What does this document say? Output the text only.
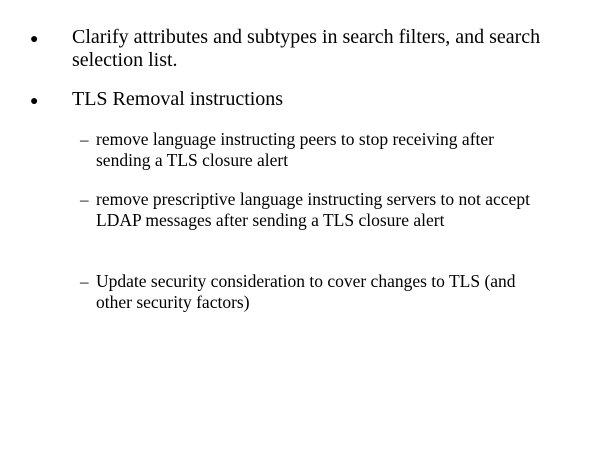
● Clarify attributes and subtypes in search filters, and search selection list.
● TLS Removal instructions
– remove language instructing peers to stop receiving after sending a TLS closure alert
– remove prescriptive language instructing servers to not accept LDAP messages after sending a TLS closure alert
– Update security consideration to cover changes to TLS (and other security factors)
